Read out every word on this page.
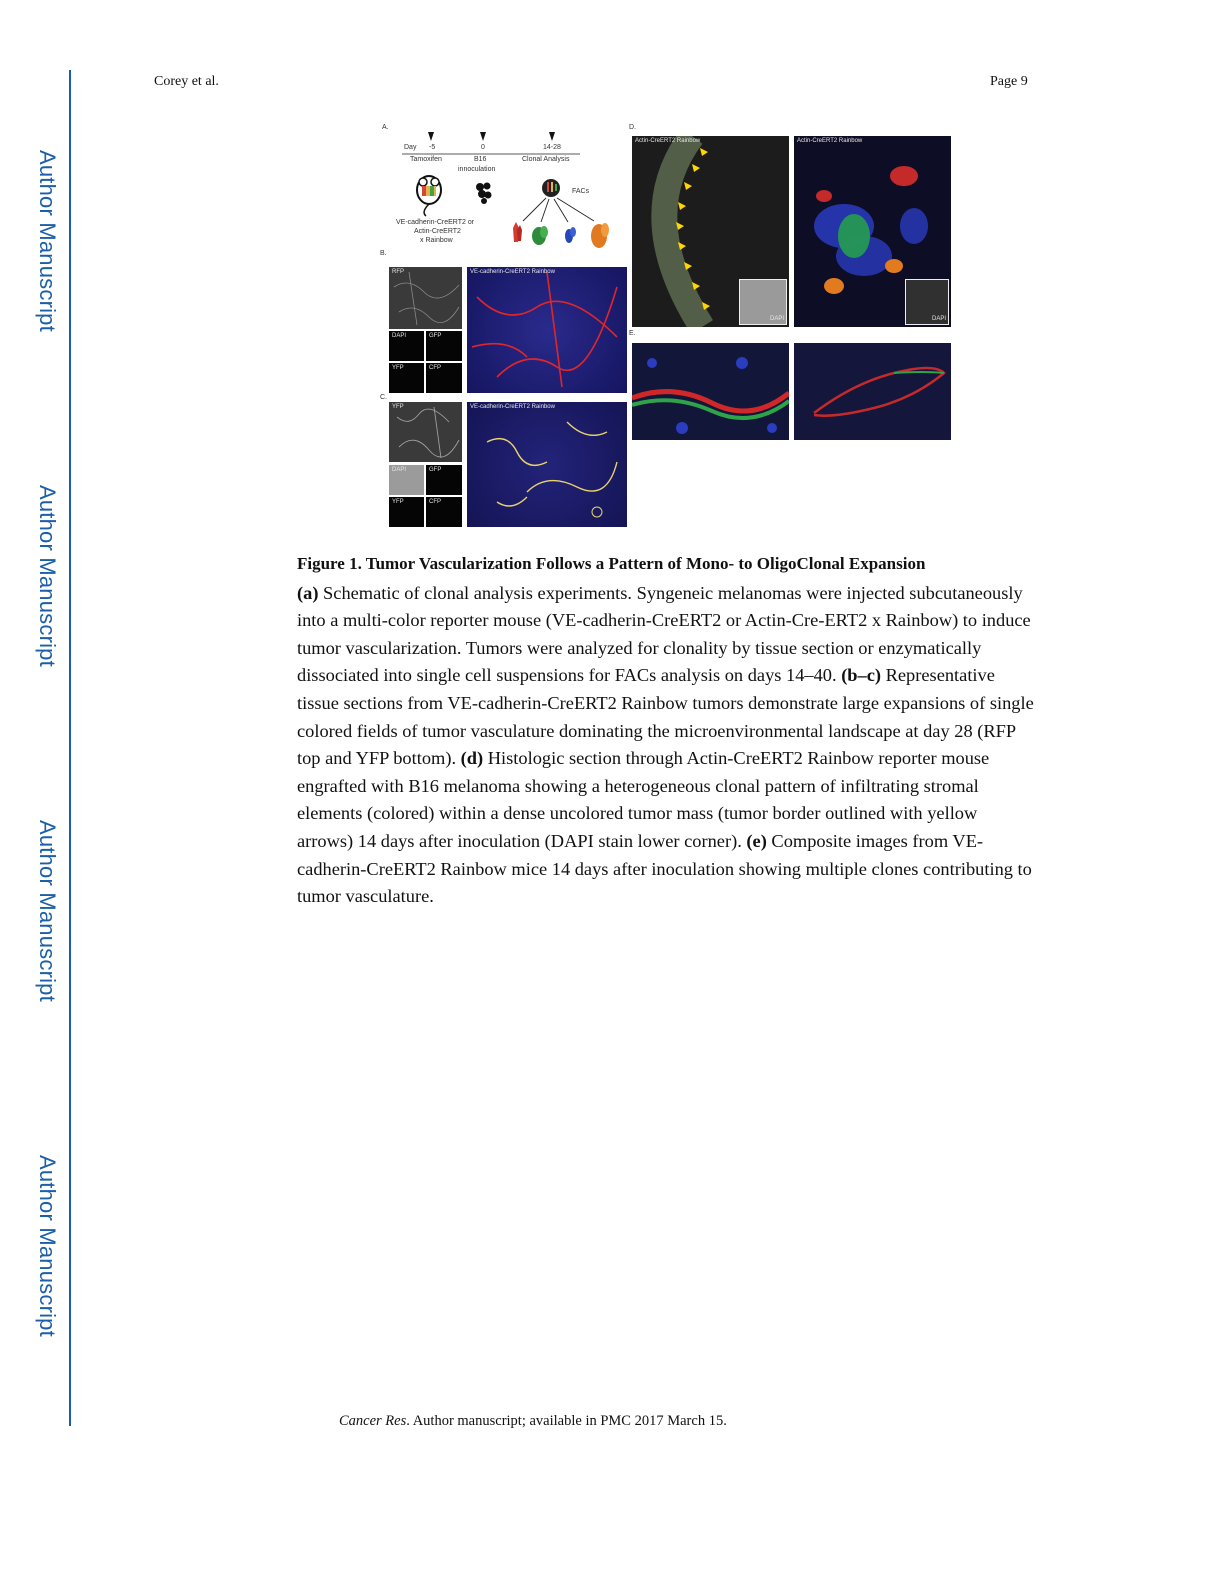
Author Manuscript
Author Manuscript
Author Manuscript
Author Manuscript
Corey et al.	Page 9
A.
Day -5	0	14-28
Tamoxifen	B16
innoculation
Clonal Analysis
FACs
VE-cadherin-CreERT2 or
Actin-CreERT2
x Rainbow
B.
RFP
DAPI	GFP
YFP	CFP
VE-cadherin-CreERT2 Rainbow
C.
YFP
DAPI	GFP
YFP	CFP
VE-cadherin-CreERT2 Rainbow
D.
DAPI
Actin-CreERT2 Rainbow
DAPI
Actin-CreERT2 Rainbow
E.
Figure 1. Tumor Vascularization Follows a Pattern of Mono- to OligoClonal Expansion

(a) Schematic of clonal analysis experiments. Syngeneic melanomas were injected subcutaneously into a multi-color reporter mouse (VE-cadherin-CreERT2 or Actin-Cre-ERT2 x Rainbow) to induce tumor vascularization. Tumors were analyzed for clonality by tissue section or enzymatically dissociated into single cell suspensions for FACs analysis on days 14–40. (b–c) Representative tissue sections from VE-cadherin-CreERT2 Rainbow tumors demonstrate large expansions of single colored fields of tumor vasculature dominating the microenvironmental landscape at day 28 (RFP top and YFP bottom). (d) Histologic section through Actin-CreERT2 Rainbow reporter mouse engrafted with B16 melanoma showing a heterogeneous clonal pattern of infiltrating stromal elements (colored) within a dense uncolored tumor mass (tumor border outlined with yellow arrows) 14 days after inoculation (DAPI stain lower corner). (e) Composite images from VE-cadherin-CreERT2 Rainbow mice 14 days after inoculation showing multiple clones contributing to tumor vasculature.

Cancer Res. Author manuscript; available in PMC 2017 March 15.
